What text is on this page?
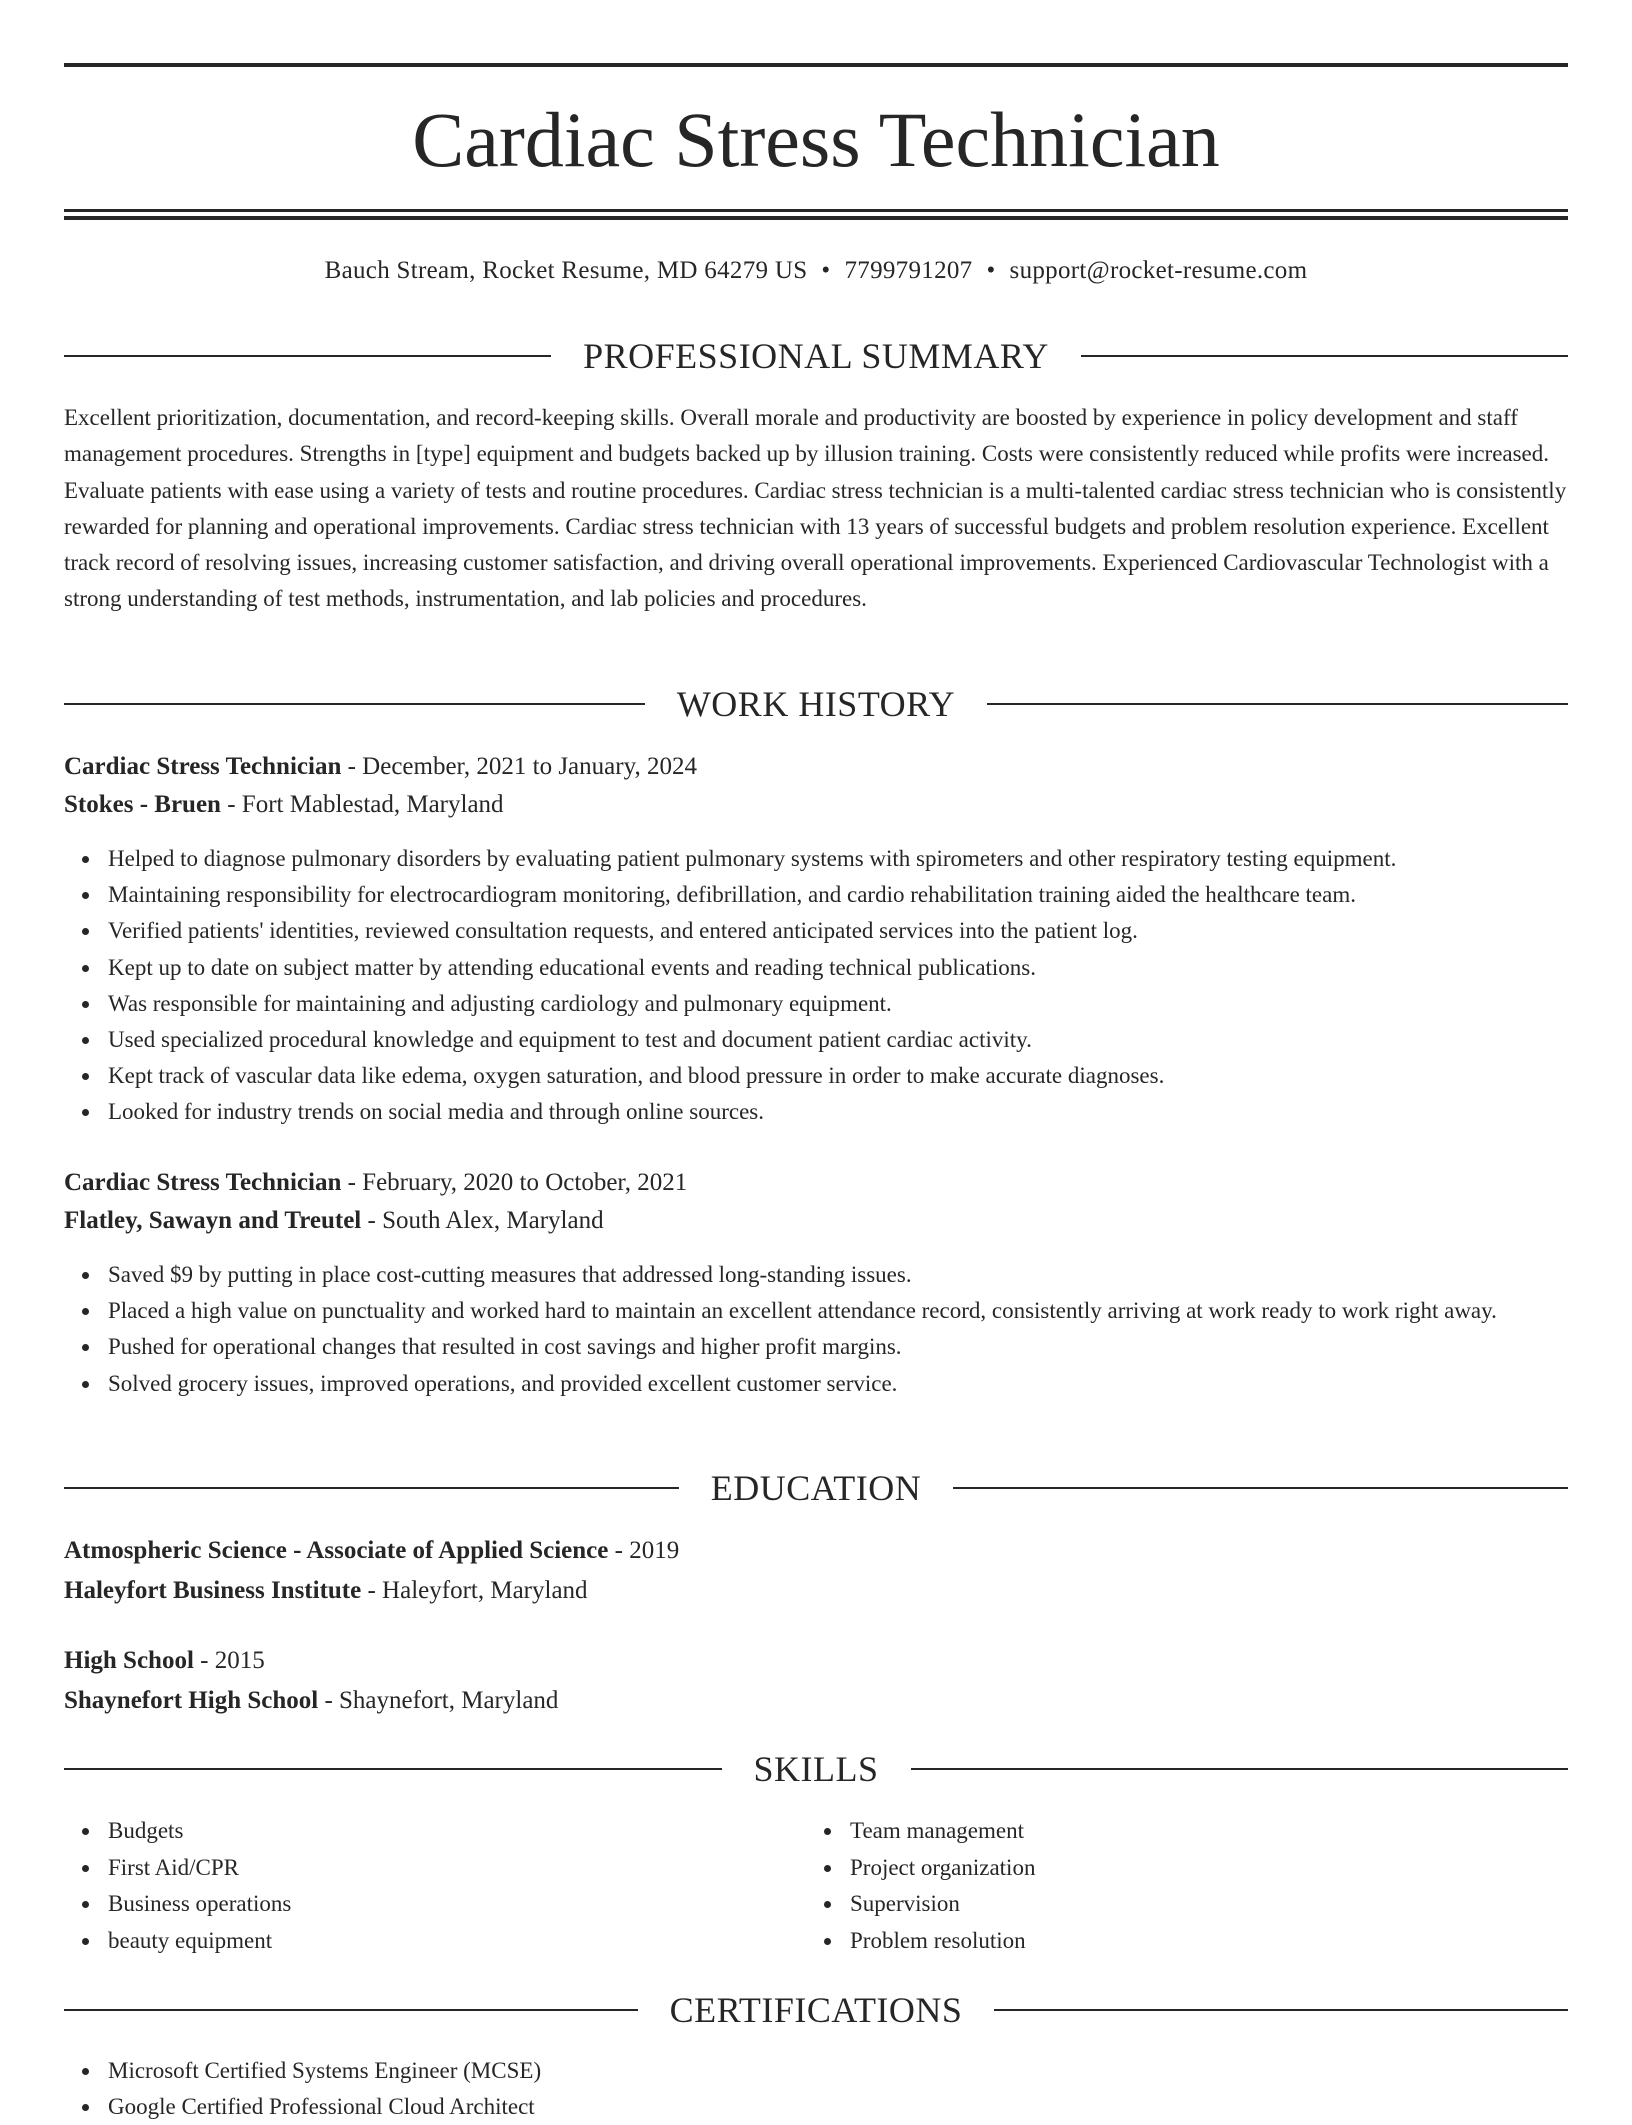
Cardiac Stress Technician
Bauch Stream, Rocket Resume, MD 64279 US • 7799791207 • support@rocket-resume.com
PROFESSIONAL SUMMARY

Excellent prioritization, documentation, and record-keeping skills. Overall morale and productivity are boosted by experience in policy development and staff management procedures. Strengths in [type] equipment and budgets backed up by illusion training. Costs were consistently reduced while profits were increased. Evaluate patients with ease using a variety of tests and routine procedures. Cardiac stress technician is a multi-talented cardiac stress technician who is consistently rewarded for planning and operational improvements. Cardiac stress technician with 13 years of successful budgets and problem resolution experience. Excellent track record of resolving issues, increasing customer satisfaction, and driving overall operational improvements. Experienced Cardiovascular Technologist with a strong understanding of test methods, instrumentation, and lab policies and procedures.

WORK HISTORY
Cardiac Stress Technician - December, 2021 to January, 2024
Stokes - Bruen - Fort Mablestad, Maryland
Helped to diagnose pulmonary disorders by evaluating patient pulmonary systems with spirometers and other respiratory testing equipment.
Maintaining responsibility for electrocardiogram monitoring, defibrillation, and cardio rehabilitation training aided the healthcare team.
Verified patients' identities, reviewed consultation requests, and entered anticipated services into the patient log.
Kept up to date on subject matter by attending educational events and reading technical publications.
Was responsible for maintaining and adjusting cardiology and pulmonary equipment.
Used specialized procedural knowledge and equipment to test and document patient cardiac activity.
Kept track of vascular data like edema, oxygen saturation, and blood pressure in order to make accurate diagnoses.
Looked for industry trends on social media and through online sources.
Cardiac Stress Technician - February, 2020 to October, 2021
Flatley, Sawayn and Treutel - South Alex, Maryland
Saved $9 by putting in place cost-cutting measures that addressed long-standing issues.
Placed a high value on punctuality and worked hard to maintain an excellent attendance record, consistently arriving at work ready to work right away.
Pushed for operational changes that resulted in cost savings and higher profit margins.
Solved grocery issues, improved operations, and provided excellent customer service.
EDUCATION
Atmospheric Science - Associate of Applied Science - 2019
Haleyfort Business Institute - Haleyfort, Maryland
High School - 2015
Shaynefort High School - Shaynefort, Maryland
SKILLS
Budgets
First Aid/CPR
Business operations
beauty equipment
Team management
Project organization
Supervision
Problem resolution
CERTIFICATIONS
Microsoft Certified Systems Engineer (MCSE)
Google Certified Professional Cloud Architect
